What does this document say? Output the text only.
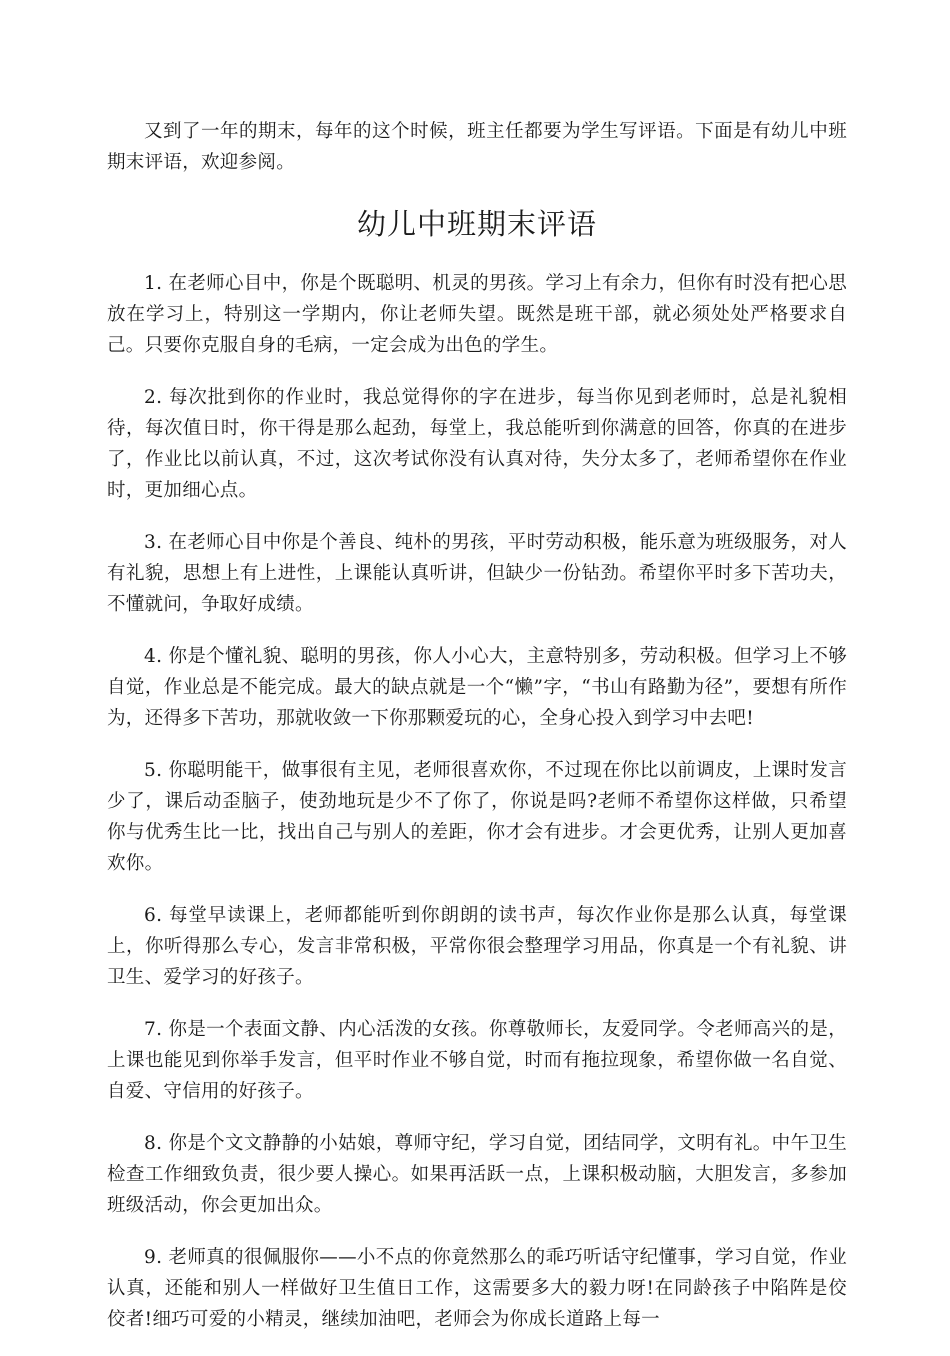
又到了一年的期末，每年的这个时候，班主任都要为学生写评语。下面是有幼儿中班期末评语，欢迎参阅。

幼儿中班期末评语

1. 在老师心目中，你是个既聪明、机灵的男孩。学习上有余力，但你有时没有把心思放在学习上，特别这一学期内，你让老师失望。既然是班干部，就必须处处严格要求自己。只要你克服自身的毛病，一定会成为出色的学生。

2. 每次批到你的作业时，我总觉得你的字在进步，每当你见到老师时，总是礼貌相待，每次值日时，你干得是那么起劲，每堂上，我总能听到你满意的回答，你真的在进步了，作业比以前认真，不过，这次考试你没有认真对待，失分太多了，老师希望你在作业时，更加细心点。

3. 在老师心目中你是个善良、纯朴的男孩，平时劳动积极，能乐意为班级服务，对人有礼貌，思想上有上进性，上课能认真听讲，但缺少一份钻劲。希望你平时多下苦功夫，不懂就问，争取好成绩。

4. 你是个懂礼貌、聪明的男孩，你人小心大，主意特别多，劳动积极。但学习上不够自觉，作业总是不能完成。最大的缺点就是一个“懒”字，“书山有路勤为径”，要想有所作为，还得多下苦功，那就收敛一下你那颗爱玩的心，全身心投入到学习中去吧!

5. 你聪明能干，做事很有主见，老师很喜欢你，不过现在你比以前调皮，上课时发言少了，课后动歪脑子，使劲地玩是少不了你了，你说是吗?老师不希望你这样做，只希望你与优秀生比一比，找出自己与别人的差距，你才会有进步。才会更优秀，让别人更加喜欢你。

6. 每堂早读课上，老师都能听到你朗朗的读书声，每次作业你是那么认真，每堂课上，你听得那么专心，发言非常积极，平常你很会整理学习用品，你真是一个有礼貌、讲卫生、爱学习的好孩子。

7. 你是一个表面文静、内心活泼的女孩。你尊敬师长，友爱同学。令老师高兴的是，上课也能见到你举手发言，但平时作业不够自觉，时而有拖拉现象，希望你做一名自觉、自爱、守信用的好孩子。

8. 你是个文文静静的小姑娘，尊师守纪，学习自觉，团结同学，文明有礼。中午卫生检查工作细致负责，很少要人操心。如果再活跃一点，上课积极动脑，大胆发言，多参加班级活动，你会更加出众。

9. 老师真的很佩服你——小不点的你竟然那么的乖巧听话守纪懂事，学习自觉，作业认真，还能和别人一样做好卫生值日工作，这需要多大的毅力呀!在同龄孩子中陷阵是佼佼者!细巧可爱的小精灵，继续加油吧，老师会为你成长道路上每一
